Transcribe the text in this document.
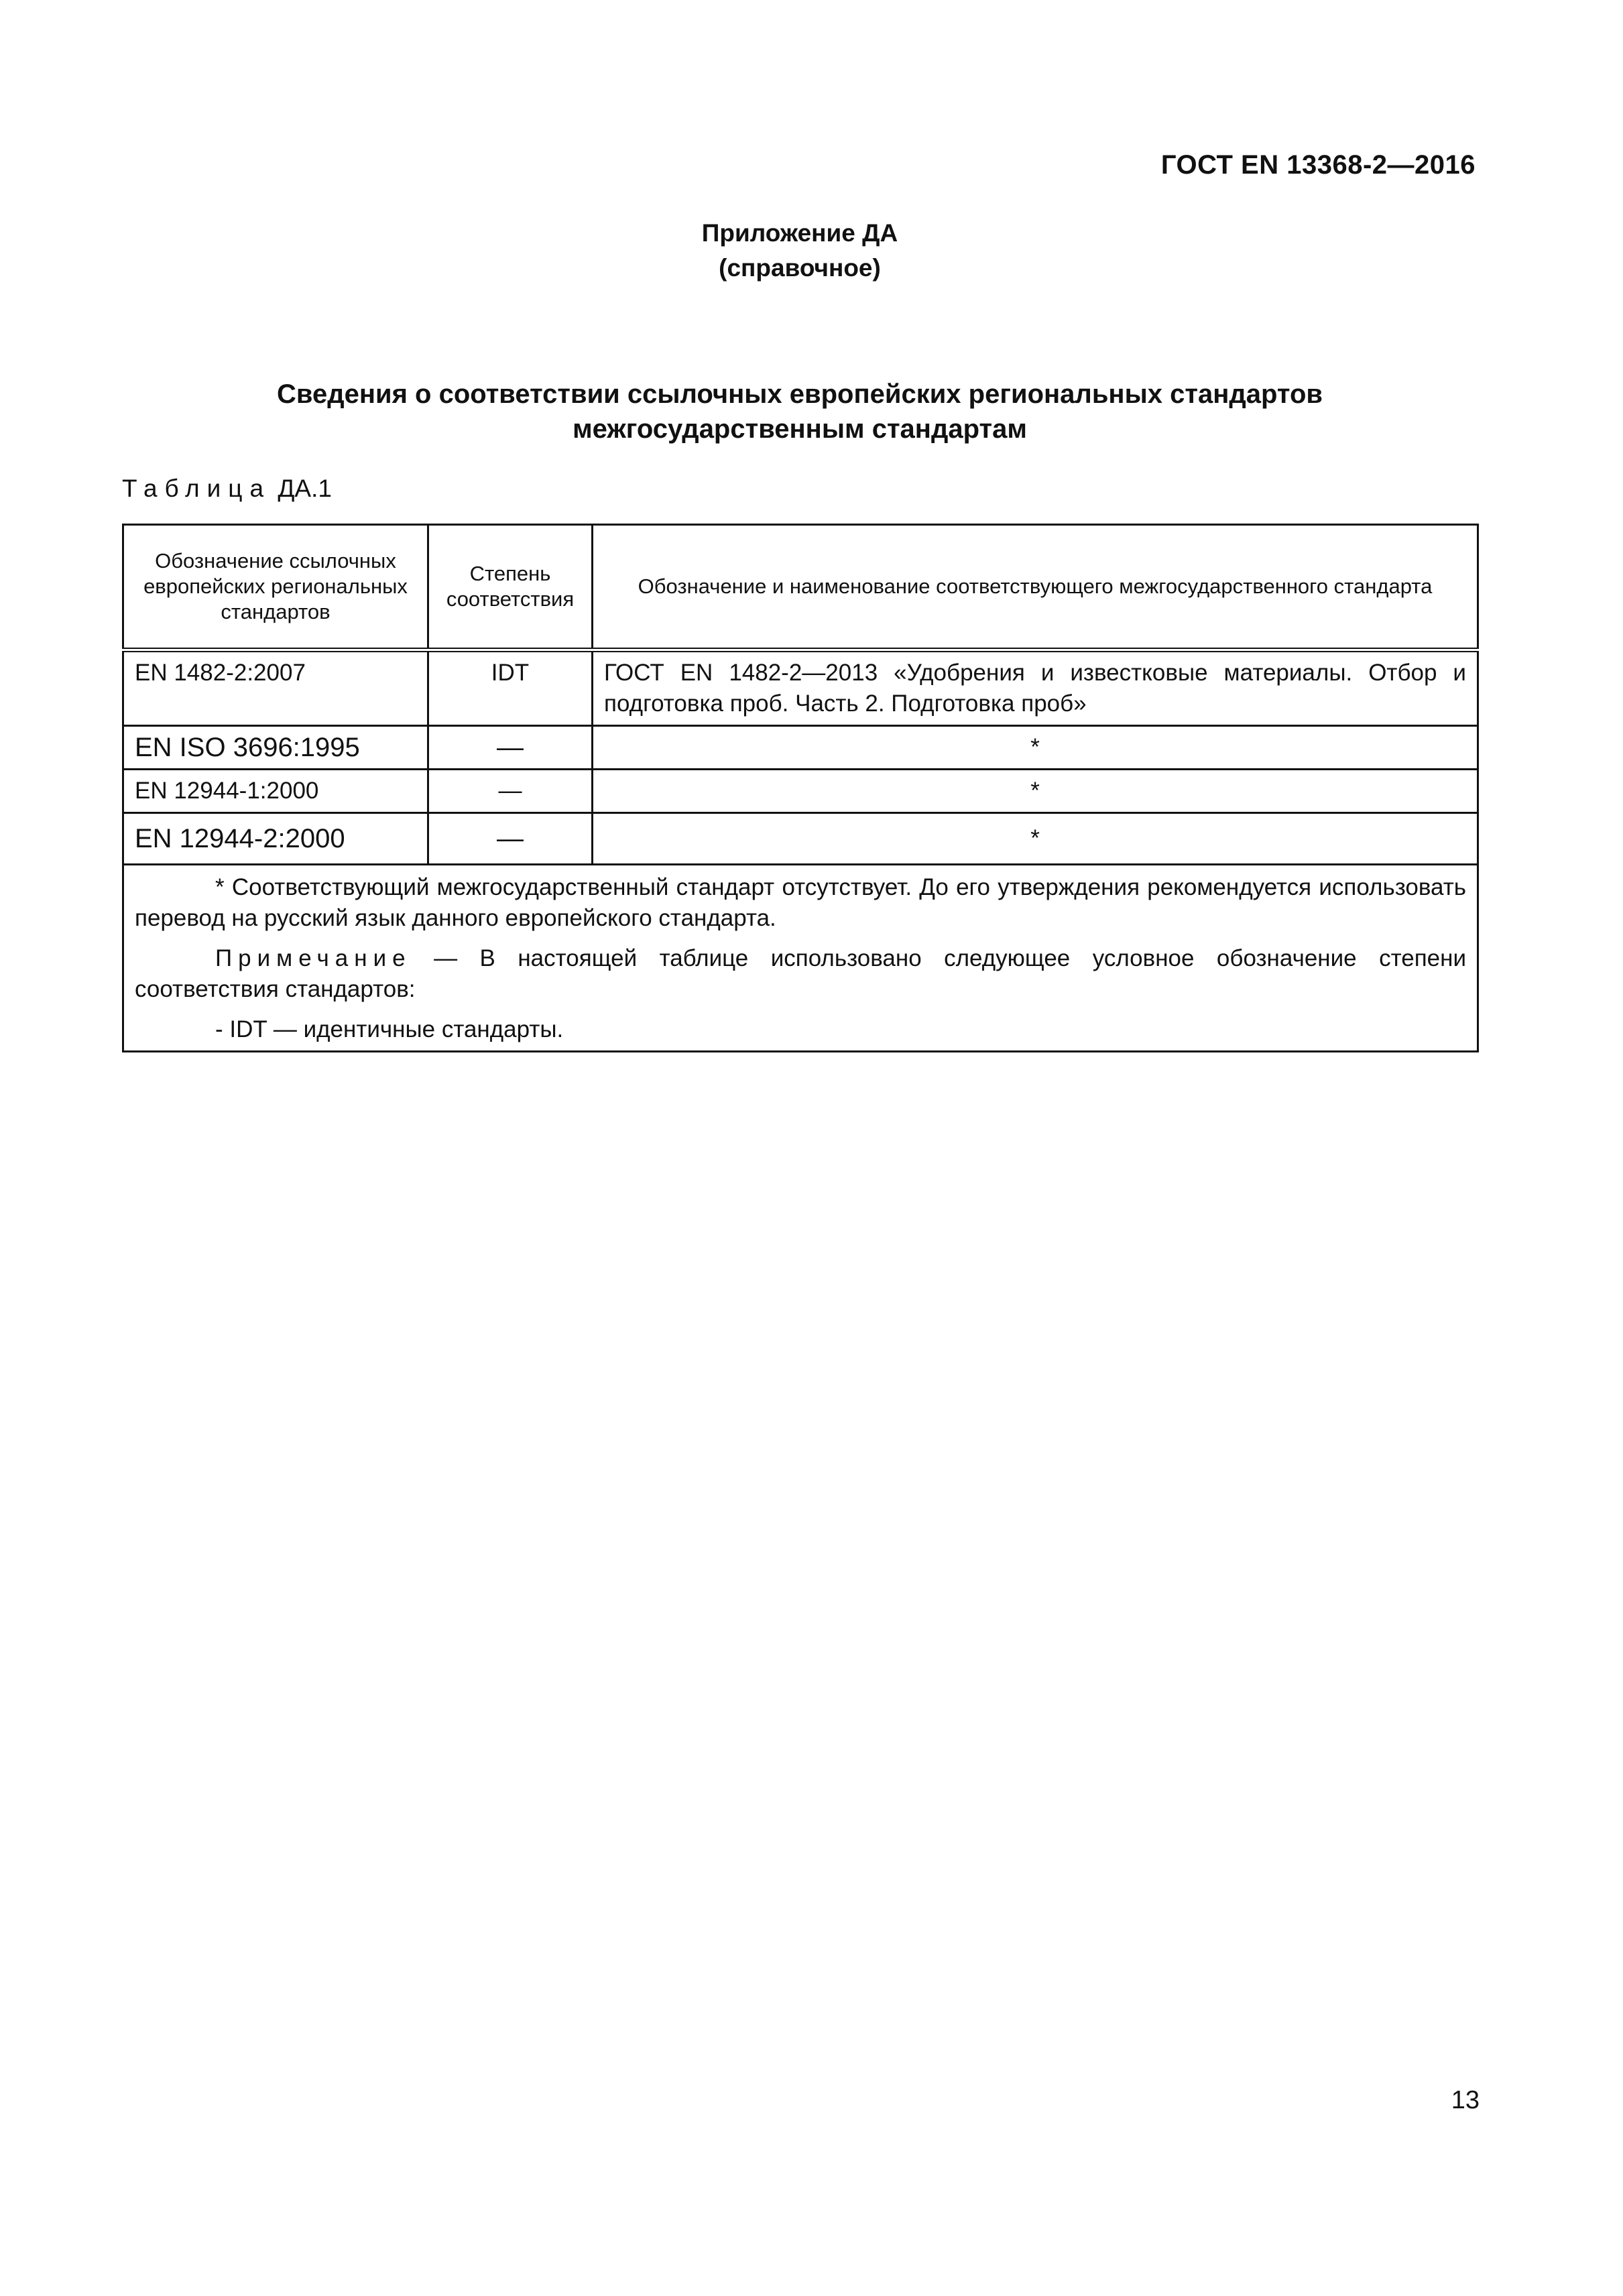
ГОСТ EN 13368-2—2016
Приложение ДА
(справочное)
Сведения о соответствии ссылочных европейских региональных стандартов
межгосударственным стандартам
Таблица ДА.1
Обозначение ссылочных европейских региональных стандартов	Степень соответствия	Обозначение и наименование соответствующего межгосударственного стандарта
EN 1482-2:2007	IDT	ГОСТ EN 1482-2—2013 «Удобрения и известковые материалы. Отбор и подготовка проб. Часть 2. Подготовка проб»
EN ISO 3696:1995	—	*
EN 12944-1:2000	—	*
EN 12944-2:2000	—	*

* Соответствующий межгосударственный стандарт отсутствует. До его утверждения рекомендуется использовать перевод на русский язык данного европейского стандарта.

Примечание — В настоящей таблице использовано следующее условное обозначение степени соответствия стандартов:

- IDT — идентичные стандарты.		

13
